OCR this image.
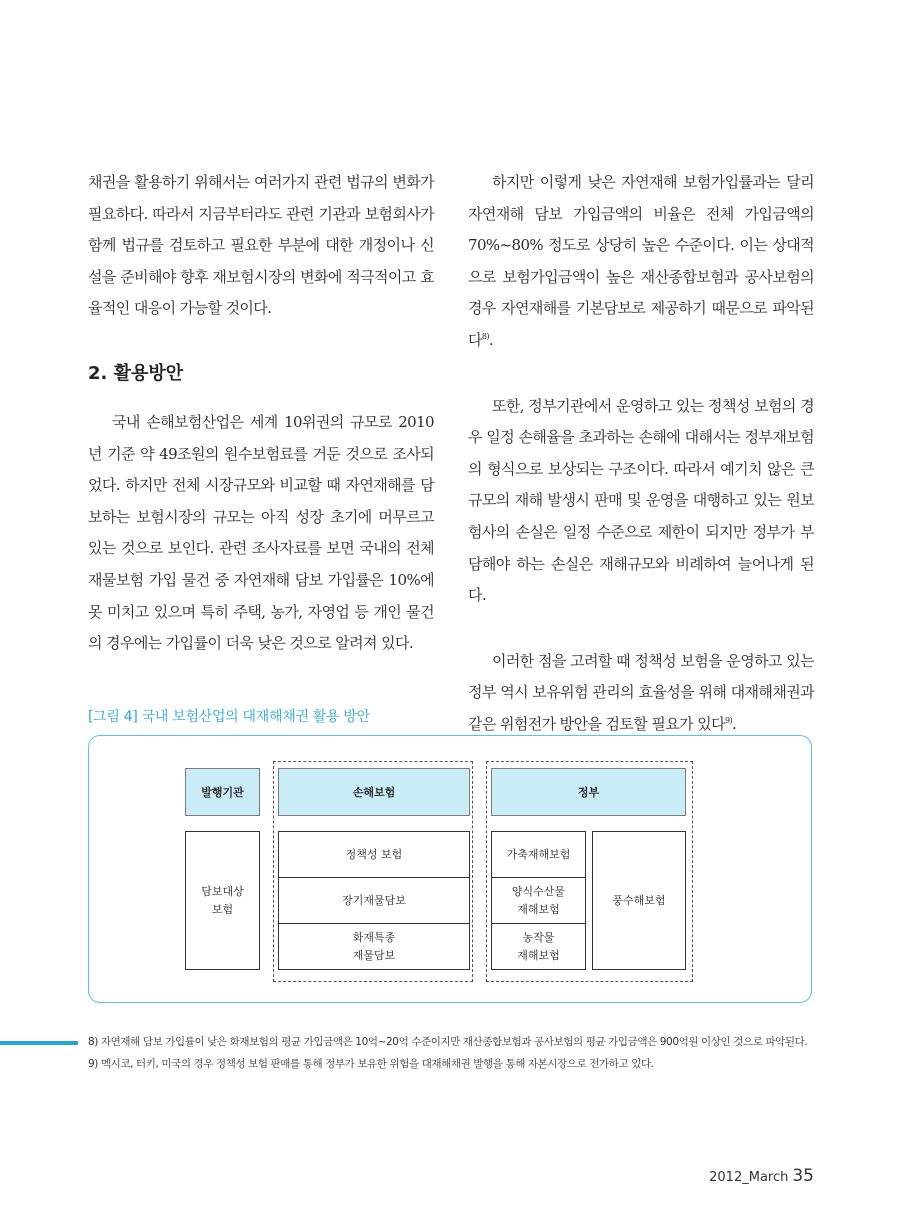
채권을 활용하기 위해서는 여러가지 관련 법규의 변화가 필요하다. 따라서 지금부터라도 관련 기관과 보험회사가 함께 법규를 검토하고 필요한 부분에 대한 개정이나 신설을 준비해야 향후 재보험시장의 변화에 적극적이고 효율적인 대응이 가능할 것이다.

2. 활용방안

국내 손해보험산업은 세계 10위권의 규모로 2010년 기준 약 49조원의 원수보험료를 거둔 것으로 조사되었다. 하지만 전체 시장규모와 비교할 때 자연재해를 담보하는 보험시장의 규모는 아직 성장 초기에 머무르고 있는 것으로 보인다. 관련 조사자료를 보면 국내의 전체 재물보험 가입 물건 중 자연재해 담보 가입률은 10%에 못 미치고 있으며 특히 주택, 농가, 자영업 등 개인 물건의 경우에는 가입률이 더욱 낮은 것으로 알려져 있다.

하지만 이렇게 낮은 자연재해 보험가입률과는 달리 자연재해 담보 가입금액의 비율은 전체 가입금액의 70%~80% 정도로 상당히 높은 수준이다. 이는 상대적으로 보험가입금액이 높은 재산종합보험과 공사보험의 경우 자연재해를 기본담보로 제공하기 때문으로 파악된다$^{8)}$.

또한, 정부기관에서 운영하고 있는 정책성 보험의 경우 일정 손해율을 초과하는 손해에 대해서는 정부재보험의 형식으로 보상되는 구조이다. 따라서 예기치 않은 큰 규모의 재해 발생시 판매 및 운영을 대행하고 있는 원보험사의 손실은 일정 수준으로 제한이 되지만 정부가 부담해야 하는 손실은 재해규모와 비례하여 늘어나게 된다.

이러한 점을 고려할 때 정책성 보험을 운영하고 있는 정부 역시 보유위험 관리의 효율성을 위해 대재해채권과 같은 위험전가 방안을 검토할 필요가 있다$^{9)}$.

[그림 4] 국내 보험산업의 대재해채권 활용 방안
발행기관	손해보험	정부
담보대상
보험
정책성 보험
장기재물담보
화재특종
재물담보
가축재해보험
양식수산물
재해보험
농작물
재해보험
풍수해보험

8) 자연재해 담보 가입률이 낮은 화재보험의 평균 가입금액은 10억~20억 수준이지만 재산종합보험과 공사보험의 평균 가입금액은 900억원 이상인 것으로 파악된다.

9) 멕시코, 터키, 미국의 경우 정책성 보험 판매를 통해 정부가 보유한 위험을 대재해채권 발행을 통해 자본시장으로 전가하고 있다.

2012_March 35
